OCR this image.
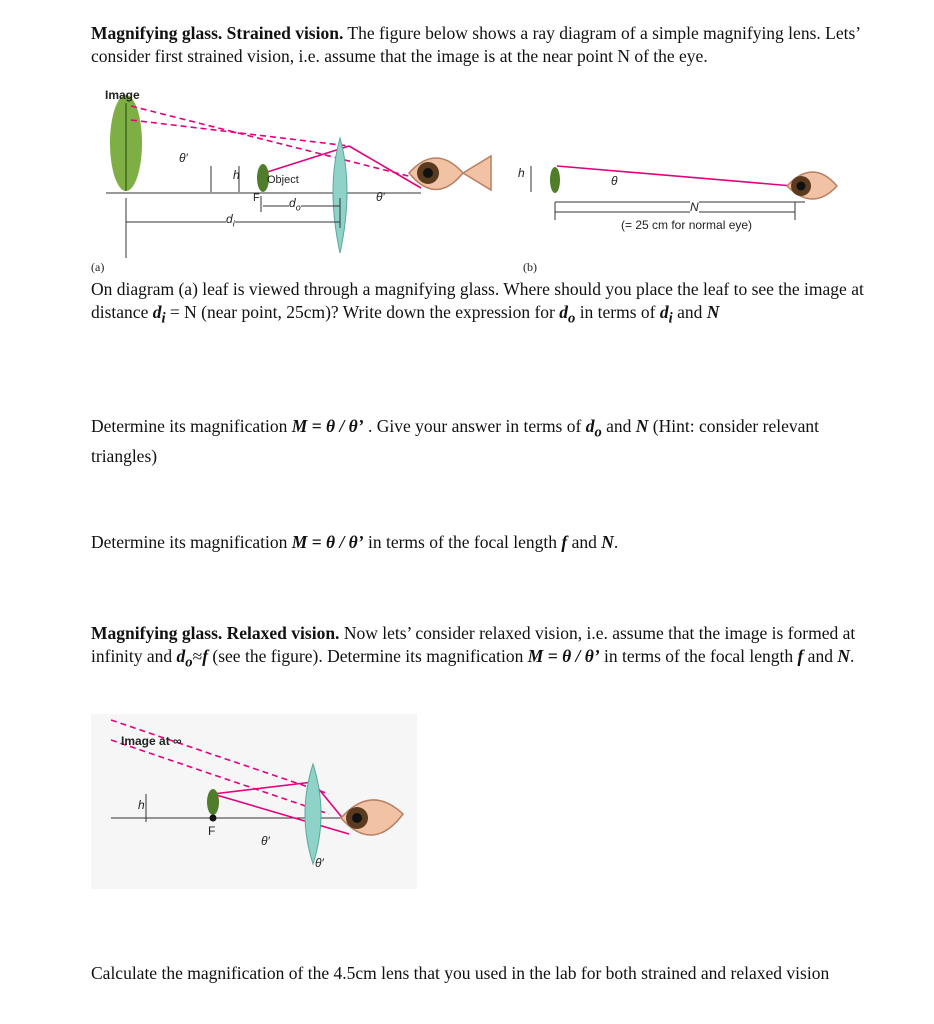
Magnifying glass. Strained vision. The figure below shows a ray diagram of a simple magnifying lens. Lets’ consider first strained vision, i.e. assume that the image is at the near point N of the eye.
Image
θ′
h Object
F $d_o$
$d_i$
θ′
(a)
h
θ
N
(= 25 cm for normal eye)
(b)
On diagram (a) leaf is viewed through a magnifying glass. Where should you place the leaf to see the image at distance $d_i = N$ (near point, 25cm)? Write down the expression for $d_o$ in terms of $d_i$ and N
Determine its magnification M = θ / θ’ . Give your answer in terms of $d_o$ and N (Hint: consider relevant triangles)
Determine its magnification M = θ / θ’ in terms of the focal length f and N.
Magnifying glass. Relaxed vision. Now lets’ consider relaxed vision, i.e. assume that the image is formed at infinity and $d_o\approx f$ (see the figure). Determine its magnification M = θ / θ’ in terms of the focal length f and N.
Image at ∞
h
F
θ′
θ′
Calculate the magnification of the 4.5cm lens that you used in the lab for both strained and relaxed vision
